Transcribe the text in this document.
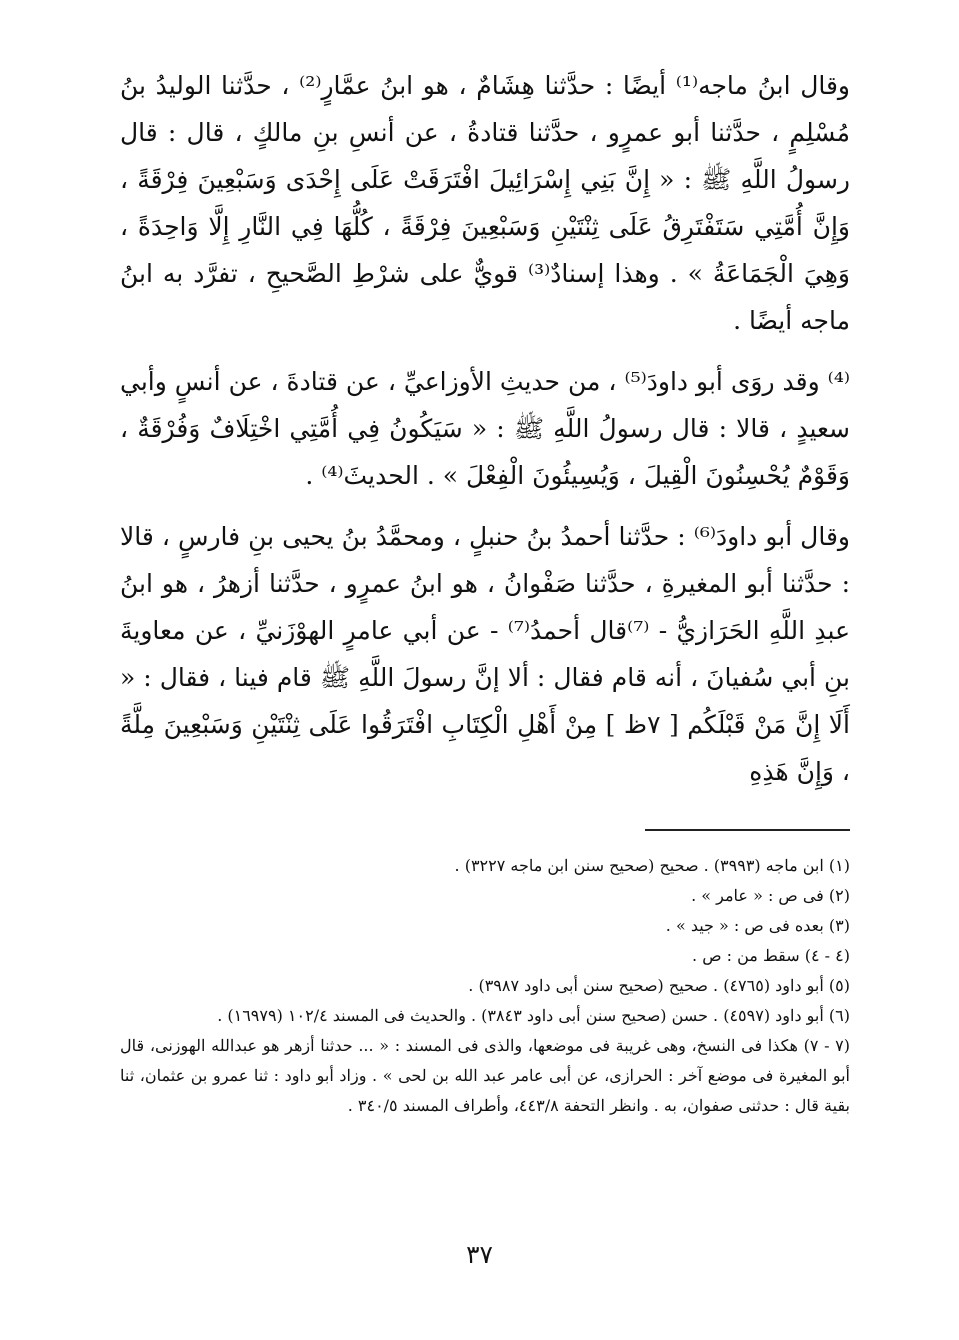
وقال ابنُ ماجه⁽¹⁾ أيضًا : حدَّثنا هِشَامٌ ، هو ابنُ عمَّارٍ⁽²⁾ ، حدَّثنا الوليدُ بنُ مُسْلِمٍ ، حدَّثنا أبو عمرٍو ، حدَّثنا قتادةُ ، عن أنسِ بنِ مالكٍ ، قال : قال رسولُ اللَّهِ ﷺ : « إِنَّ بَنِي إِسْرَائِيلَ افْتَرَقَتْ عَلَى إِحْدَى وَسَبْعِينَ فِرْقَةً ، وَإِنَّ أُمَّتِي سَتَفْتَرِقُ عَلَى ثِنْتَيْنِ وَسَبْعِينَ فِرْقَةً ، كُلُّهَا فِي النَّارِ إِلَّا وَاحِدَةً ، وَهِيَ الْجَمَاعَةُ » . وهذا إسنادٌ⁽³⁾ قويٌّ على شرْطِ الصَّحيحِ ، تفرَّد به ابنُ ماجه أيضًا .

⁽⁴⁾ وقد روَى أبو داودَ⁽⁵⁾ ، من حديثِ الأوزاعيِّ ، عن قتادةَ ، عن أنسٍ وأبي سعيدٍ ، قالا : قال رسولُ اللَّهِ ﷺ : « سَيَكُونُ فِي أُمَّتِي اخْتِلَافٌ وَفُرْقَةٌ ، وَقَوْمٌ يُحْسِنُونَ الْقِيلَ ، وَيُسِيئُونَ الْفِعْلَ » . الحديثَ⁽⁴⁾ .

وقال أبو داودَ⁽⁶⁾ : حدَّثنا أحمدُ بنُ حنبلٍ ، ومحمَّدُ بنُ يحيى بنِ فارسٍ ، قالا : حدَّثنا أبو المغيرةِ ، حدَّثنا صَفْوانُ ، هو ابنُ عمرٍو ، حدَّثنا أزهرُ ، هو ابنُ عبدِ اللَّهِ الحَرَازيُّ - ⁽⁷⁾قال أحمدُ⁽⁷⁾ - عن أبي عامرٍ الهوْزَنيِّ ، عن معاويةَ بنِ أبي سُفيانَ ، أنه قام فقال : ألا إنَّ رسولَ اللَّهِ ﷺ قام فينا ، فقال : « أَلَا إِنَّ مَنْ قَبْلَكُم [ ٧ظ ] مِنْ أَهْلِ الْكِتَابِ افْتَرَقُوا عَلَى ثِنْتَيْنِ وَسَبْعِينَ مِلَّةً ، وَإِنَّ هَذِهِ

(١) ابن ماجه (٣٩٩٣) . صحيح (صحيح سنن ابن ماجه ٣٢٢٧) .

(٢) فى ص : « عامر » .

(٣) بعده فى ص : « جيد » .

(٤ - ٤) سقط من : ص .

(٥) أبو داود (٤٧٦٥) . صحيح (صحيح سنن أبى داود ٣٩٨٧) .

(٦) أبو داود (٤٥٩٧) . حسن (صحيح سنن أبى داود ٣٨٤٣) . والحديث فى المسند ١٠٢/٤ (١٦٩٧٩) .

(٧ - ٧) هكذا فى النسخ، وهى غريبة فى موضعها، والذى فى المسند : « ... حدثنا أزهر هو عبدالله الهوزنى، قال أبو المغيرة فى موضع آخر : الحرازى، عن أبى عامر عبد الله بن لحى » . وزاد أبو داود : ثنا عمرو بن عثمان، ثنا بقية قال : حدثنى صفوان، به . وانظر التحفة ٤٤٣/٨، وأطراف المسند ٣٤٠/٥ .

٣٧
